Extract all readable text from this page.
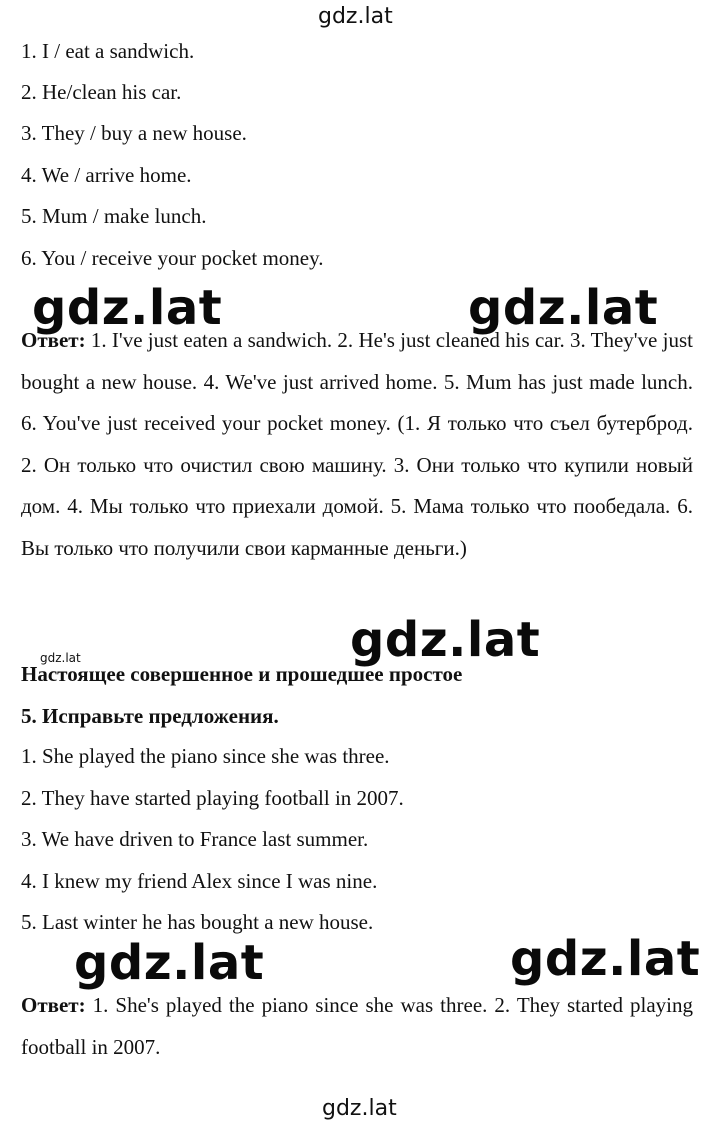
gdz.lat
1. I / eat a sandwich.
2. He/clean his car.
3. They / buy a new house.
4. We / arrive home.
5. Mum / make lunch.
6. You / receive your pocket money.
Ответ: 1. I've just eaten a sandwich. 2. He's just cleaned his car. 3. They've just bought a new house. 4. We've just arrived home. 5. Mum has just made lunch. 6. You've just received your pocket money. (1. Я только что съел бутерброд. 2. Он только что очистил свою машину. 3. Они только что купили новый дом. 4. Мы только что приехали домой. 5. Мама только что пообедала. 6. Вы только что получили свои карманные деньги.)
gdz.lat	gdz.lat
gdz.lat
gdz.lat
Настоящее совершенное и прошедшее простое
5. Исправьте предложения.
1. She played the piano since she was three.
2. They have started playing football in 2007.
3. We have driven to France last summer.
4. I knew my friend Alex since I was nine.
5. Last winter he has bought a new house.
gdz.lat	gdz.lat
Ответ: 1. She's played the piano since she was three. 2. They started playing football in 2007.
gdz.lat
